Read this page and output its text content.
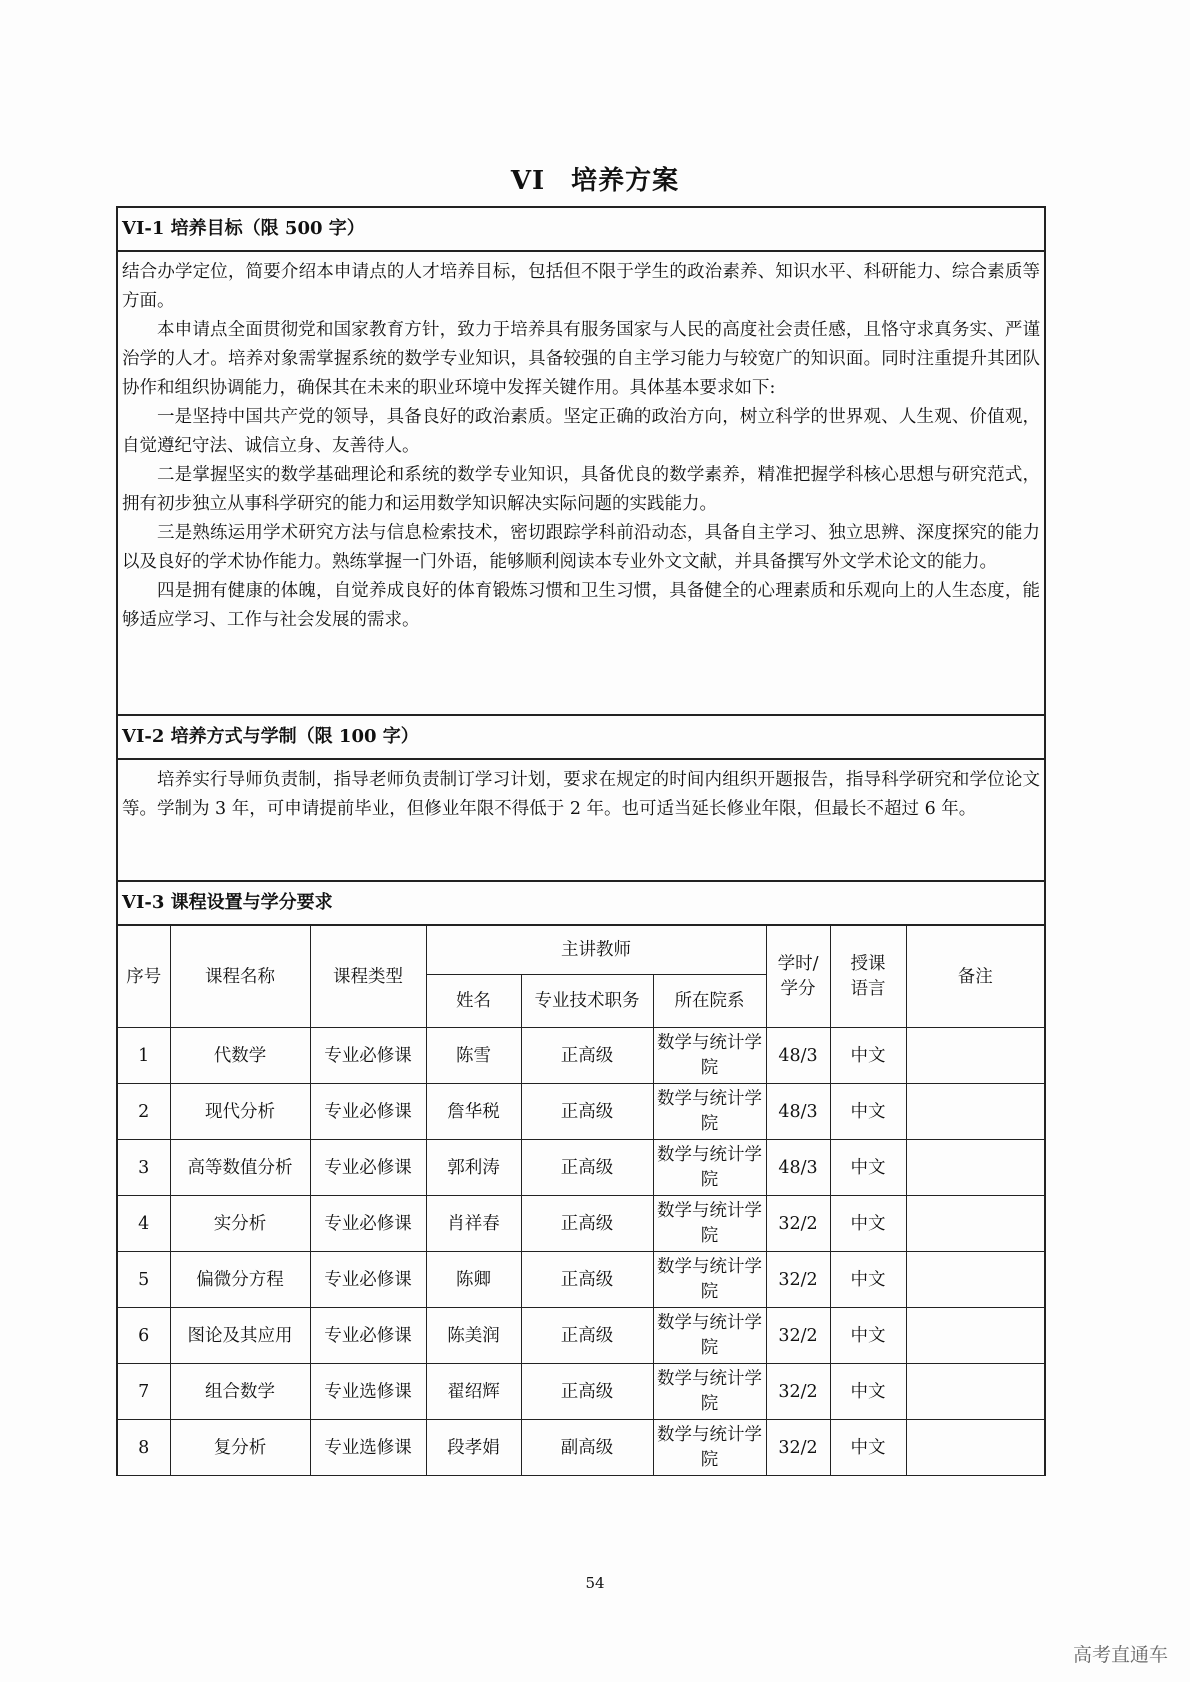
VI 培养方案
VI-1 培养目标（限 500 字）

结合办学定位，简要介绍本申请点的人才培养目标，包括但不限于学生的政治素养、知识水平、科研能力、综合素质等方面。

本申请点全面贯彻党和国家教育方针，致力于培养具有服务国家与人民的高度社会责任感，且恪守求真务实、严谨治学的人才。培养对象需掌握系统的数学专业知识，具备较强的自主学习能力与较宽广的知识面。同时注重提升其团队协作和组织协调能力，确保其在未来的职业环境中发挥关键作用。具体基本要求如下:

一是坚持中国共产党的领导，具备良好的政治素质。坚定正确的政治方向，树立科学的世界观、人生观、价值观，自觉遵纪守法、诚信立身、友善待人。

二是掌握坚实的数学基础理论和系统的数学专业知识，具备优良的数学素养，精准把握学科核心思想与研究范式，拥有初步独立从事科学研究的能力和运用数学知识解决实际问题的实践能力。

三是熟练运用学术研究方法与信息检索技术，密切跟踪学科前沿动态，具备自主学习、独立思辨、深度探究的能力以及良好的学术协作能力。熟练掌握一门外语，能够顺利阅读本专业外文文献，并具备撰写外文学术论文的能力。

四是拥有健康的体魄，自觉养成良好的体育锻炼习惯和卫生习惯，具备健全的心理素质和乐观向上的人生态度，能够适应学习、工作与社会发展的需求。

VI-2 培养方式与学制（限 100 字）

培养实行导师负责制，指导老师负责制订学习计划，要求在规定的时间内组织开题报告，指导科学研究和学位论文等。学制为 3 年，可申请提前毕业，但修业年限不得低于 2 年。也可适当延长修业年限，但最长不超过 6 年。

VI-3 课程设置与学分要求
序号	课程名称	课程类型	主讲教师			学时/学分	授课语言	备注
			姓名	专业技术职务	所在院系			
1	代数学	专业必修课	陈雪	正高级	数学与统计学院	48/3	中文	
2	现代分析	专业必修课	詹华税	正高级	数学与统计学院	48/3	中文	
3	高等数值分析	专业必修课	郭利涛	正高级	数学与统计学院	48/3	中文	
4	实分析	专业必修课	肖祥春	正高级	数学与统计学院	32/2	中文	
5	偏微分方程	专业必修课	陈卿	正高级	数学与统计学院	32/2	中文	
6	图论及其应用	专业必修课	陈美润	正高级	数学与统计学院	32/2	中文	
7	组合数学	专业选修课	翟绍辉	正高级	数学与统计学院	32/2	中文	
8	复分析	专业选修课	段孝娟	副高级	数学与统计学院	32/2	中文	
54
高考直通车
